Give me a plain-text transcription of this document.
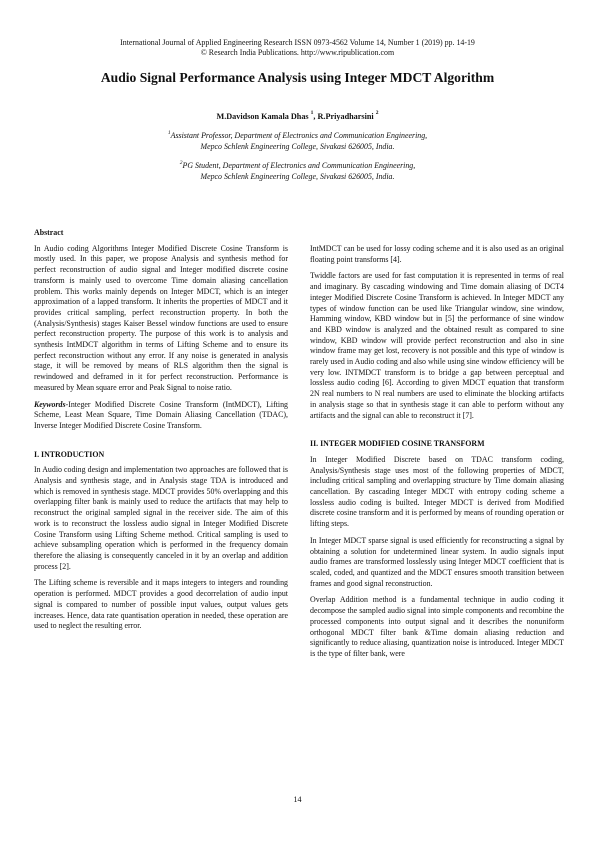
International Journal of Applied Engineering Research ISSN 0973-4562 Volume 14, Number 1 (2019) pp. 14-19
© Research India Publications. http://www.ripublication.com
Audio Signal Performance Analysis using Integer MDCT Algorithm
M.Davidson Kamala Dhas $^1$, R.Priyadharsini $^2$
$^1$Assistant Professor, Department of Electronics and Communication Engineering,
Mepco Schlenk Engineering College, Sivakasi 626005, India.
$^2$PG Student, Department of Electronics and Communication Engineering,
Mepco Schlenk Engineering College, Sivakasi 626005, India.
Abstract

In Audio coding Algorithms Integer Modified Discrete Cosine Transform is mostly used. In this paper, we propose Analysis and synthesis method for perfect reconstruction of audio signal and Integer modified discrete cosine transform is mainly used to overcome Time domain aliasing cancellation problem. This works mainly depends on Integer MDCT, which is an integer approximation of a lapped transform. It inherits the properties of MDCT and it provides critical sampling, perfect reconstruction property. In both the (Analysis/Synthesis) stages Kaiser Bessel window functions are used to ensure perfect reconstruction property. The purpose of this work is to analysis and synthesis IntMDCT algorithm in terms of Lifting Scheme and to ensure its perfect reconstruction without any error. If any noise is generated in analysis stage, it will be removed by means of RLS algorithm then the signal is rewindowed and deframed in it for perfect reconstruction. Performance is measured by Mean square error and Peak Signal to noise ratio.

Keywords-Integer Modified Discrete Cosine Transform (IntMDCT), Lifting Scheme, Least Mean Square, Time Domain Aliasing Cancellation (TDAC), Inverse Integer Modified Discrete Cosine Transform.

I. INTRODUCTION

In Audio coding design and implementation two approaches are followed that is Analysis and synthesis stage, and in Analysis stage TDA is introduced and which is removed in synthesis stage. MDCT provides 50% overlapping and this overlapping filter bank is mainly used to reduce the artifacts that may help to reconstruct the original sampled signal in the receiver side. The aim of this work is to reconstruct the lossless audio signal in Integer Modified Discrete Cosine Transform using Lifting Scheme method. Critical sampling is used to achieve subsampling operation which is performed in the frequency domain therefore the aliasing is consequently canceled in it by an overlap and addition process [2].

The Lifting scheme is reversible and it maps integers to integers and rounding operation is performed. MDCT provides a good decorrelation of audio input signal is compared to number of possible input values, output values gets increases. Hence, data rate quantisation operation in needed, these operation are used to neglect the resulting error.

IntMDCT can be used for lossy coding scheme and it is also used as an original floating point transforms [4].

Twiddle factors are used for fast computation it is represented in terms of real and imaginary. By cascading windowing and Time domain aliasing of DCT4 integer Modified Discrete Cosine Transform is achieved. In Integer MDCT any types of window function can be used like Triangular window, sine window, Hamming window, KBD window but in [5] the performance of sine window and KBD window is analyzed and the obtained result as compared to sine window, KBD window will provide perfect reconstruction and also in sine window frame may get lost, recovery is not possible and this type of window is rarely used in Audio coding and also while using sine window efficiency will be very low. INTMDCT transform is to bridge a gap between perceptual and lossless audio coding [6]. According to given MDCT equation that transform 2N real numbers to N real numbers are used to eliminate the blocking artifacts in analysis stage so that in synthesis stage it can able to perform without any artifacts and the signal can able to reconstruct it [7].

II. INTEGER MODIFIED COSINE TRANSFORM

In Integer Modified Discrete based on TDAC transform coding, Analysis/Synthesis stage uses most of the following properties of MDCT, including critical sampling and overlapping structure by Time domain aliasing cancellation. By cascading Integer MDCT with entropy coding scheme a lossless audio coding is builted. Integer MDCT is derived from Modified discrete cosine transform and it is performed by means of rounding operation or lifting steps.

In Integer MDCT sparse signal is used efficiently for reconstructing a signal by obtaining a solution for undetermined linear system. In audio signals input audio frames are transformed losslessly using Integer MDCT coefficient that is scaled, coded, and quantized and the MDCT ensures smooth transition between frames and good signal reconstruction.

Overlap Addition method is a fundamental technique in audio coding it decompose the sampled audio signal into simple components and recombine the processed components into output signal and it describes the nonuniform orthogonal MDCT filter bank &Time domain aliasing reduction and significantly to reduce aliasing, quantization noise is introduced. Integer MDCT is the type of filter bank, were

14
